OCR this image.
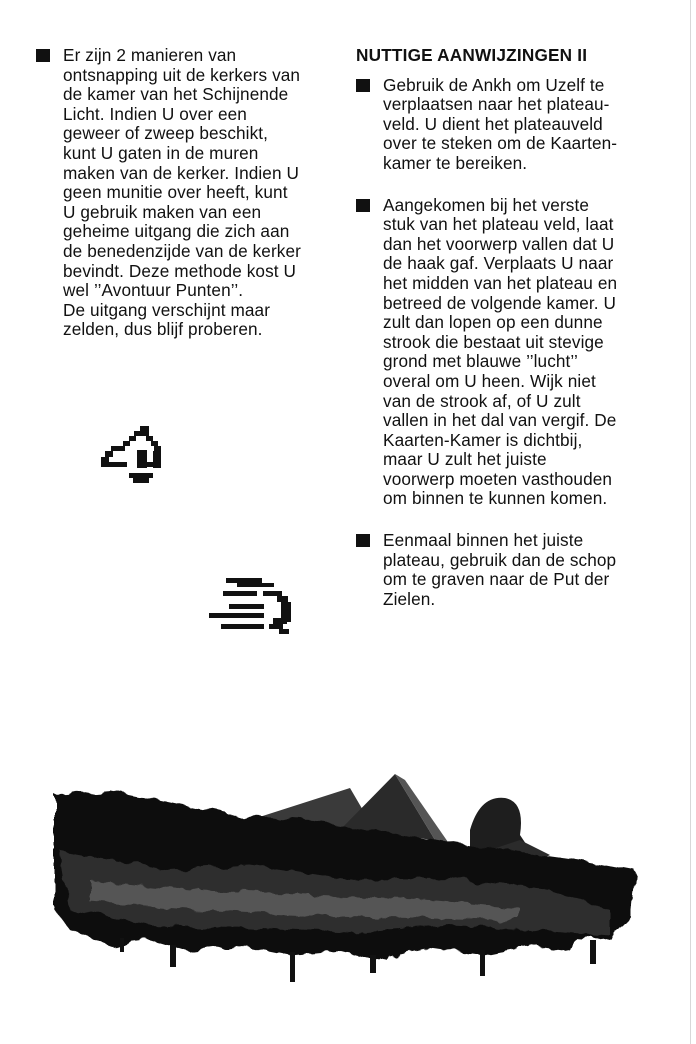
Er zijn 2 manieren van
ontsnapping uit de kerkers van
de kamer van het Schijnende
Licht. Indien U over een
geweer of zweep beschikt,
kunt U gaten in de muren
maken van de kerker. Indien U
geen munitie over heeft, kunt
U gebruik maken van een
geheime uitgang die zich aan
de benedenzijde van de kerker
bevindt. Deze methode kost U
wel ’’Avontuur Punten’’.
De uitgang verschijnt maar
zelden, dus blijf proberen.
NUTTIGE AANWIJZINGEN II
Gebruik de Ankh om Uzelf te
verplaatsen naar het plateau-
veld. U dient het plateauveld
over te steken om de Kaarten-
kamer te bereiken.
Aangekomen bij het verste
stuk van het plateau veld, laat
dan het voorwerp vallen dat U
de haak gaf. Verplaats U naar
het midden van het plateau en
betreed de volgende kamer. U
zult dan lopen op een dunne
strook die bestaat uit stevige
grond met blauwe ’’lucht’’
overal om U heen. Wijk niet
van de strook af, of U zult
vallen in het dal van vergif. De
Kaarten-Kamer is dichtbij,
maar U zult het juiste
voorwerp moeten vasthouden
om binnen te kunnen komen.
Eenmaal binnen het juiste
plateau, gebruik dan de schop
om te graven naar de Put der
Zielen.
